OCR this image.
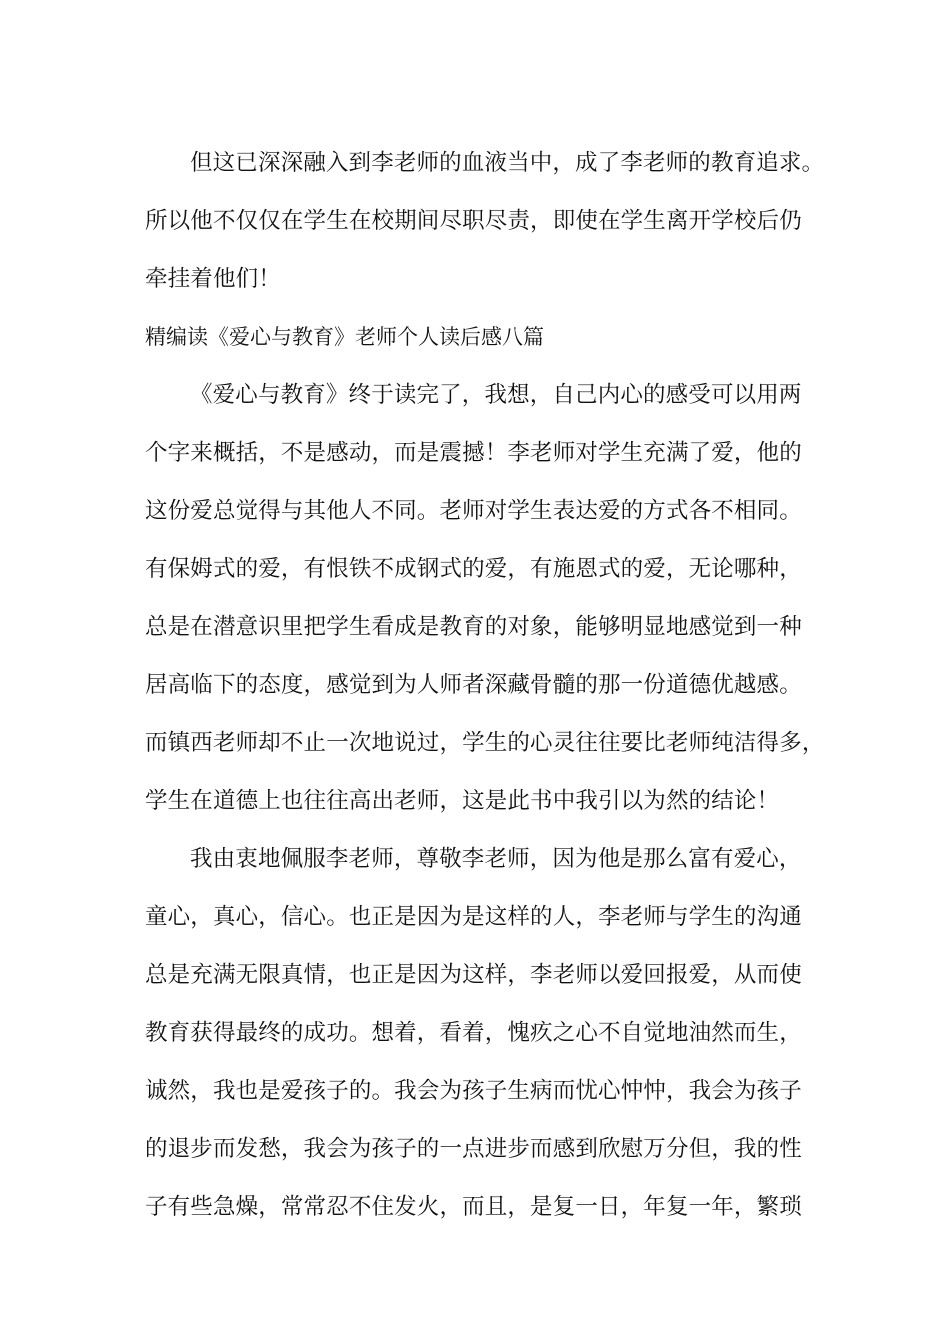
但这已深深融入到李老师的血液当中，成了李老师的教育追求。
所以他不仅仅在学生在校期间尽职尽责，即使在学生离开学校后仍
牵挂着他们！
精编读《爱心与教育》老师个人读后感八篇
《爱心与教育》终于读完了，我想，自己内心的感受可以用两
个字来概括，不是感动，而是震撼！李老师对学生充满了爱，他的
这份爱总觉得与其他人不同。老师对学生表达爱的方式各不相同。
有保姆式的爱，有恨铁不成钢式的爱，有施恩式的爱，无论哪种，
总是在潜意识里把学生看成是教育的对象，能够明显地感觉到一种
居高临下的态度，感觉到为人师者深藏骨髓的那一份道德优越感。
而镇西老师却不止一次地说过，学生的心灵往往要比老师纯洁得多，
学生在道德上也往往高出老师，这是此书中我引以为然的结论！
我由衷地佩服李老师，尊敬李老师，因为他是那么富有爱心，
童心，真心，信心。也正是因为是这样的人，李老师与学生的沟通
总是充满无限真情，也正是因为这样，李老师以爱回报爱，从而使
教育获得最终的成功。想着，看着，愧疚之心不自觉地油然而生，
诚然，我也是爱孩子的。我会为孩子生病而忧心忡忡，我会为孩子
的退步而发愁，我会为孩子的一点进步而感到欣慰万分但，我的性
子有些急燥，常常忍不住发火，而且，是复一日，年复一年，繁琐
